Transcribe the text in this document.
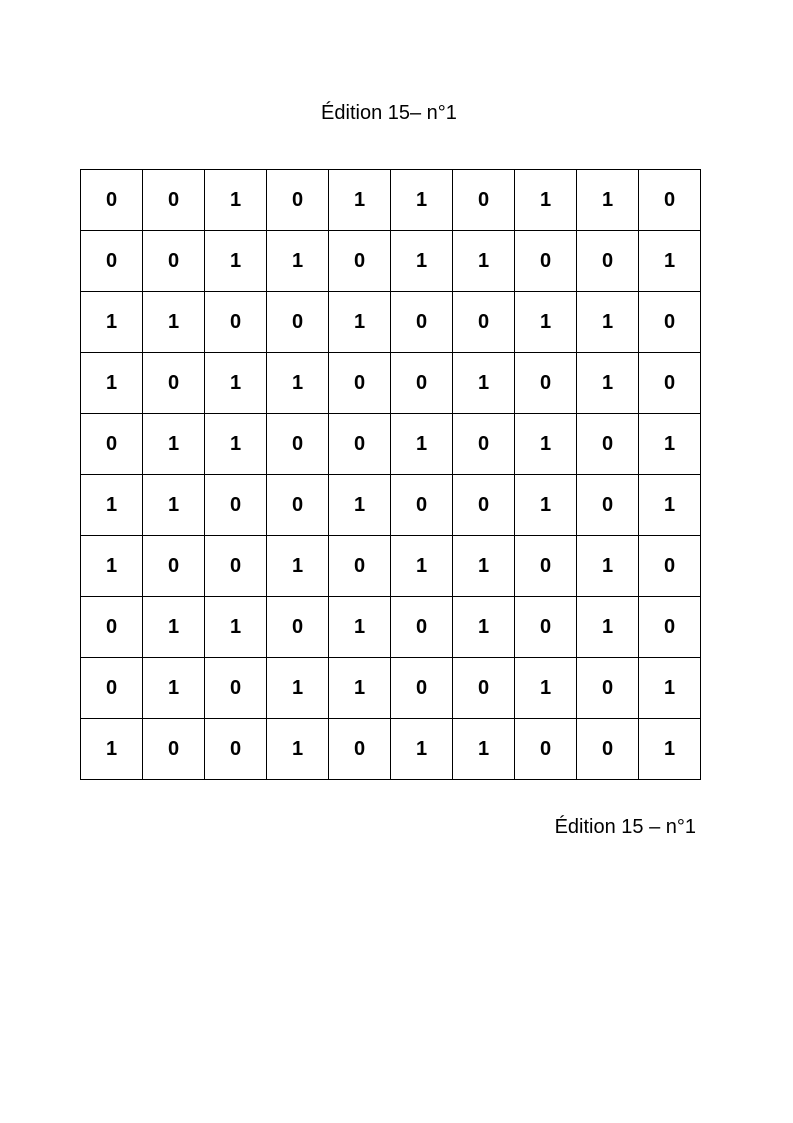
Édition 15– n°1
0	0	1	0	1	1	0	1	1	0
0	0	1	1	0	1	1	0	0	1
1	1	0	0	1	0	0	1	1	0
1	0	1	1	0	0	1	0	1	0
0	1	1	0	0	1	0	1	0	1
1	1	0	0	1	0	0	1	0	1
1	0	0	1	0	1	1	0	1	0
0	1	1	0	1	0	1	0	1	0
0	1	0	1	1	0	0	1	0	1
1	0	0	1	0	1	1	0	0	1
Édition 15 – n°1
